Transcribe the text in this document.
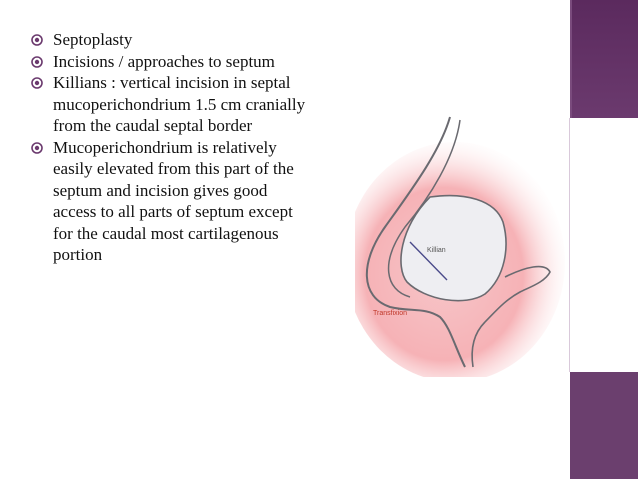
Septoplasty
Incisions / approaches to septum
Killians : vertical incision in septal mucoperichondrium 1.5 cm cranially from the caudal septal border
Mucoperichondrium is relatively easily elevated from this part of the septum and incision gives good access to all parts of septum except for the caudal most cartilagenous portion	Killian
Transfixion
